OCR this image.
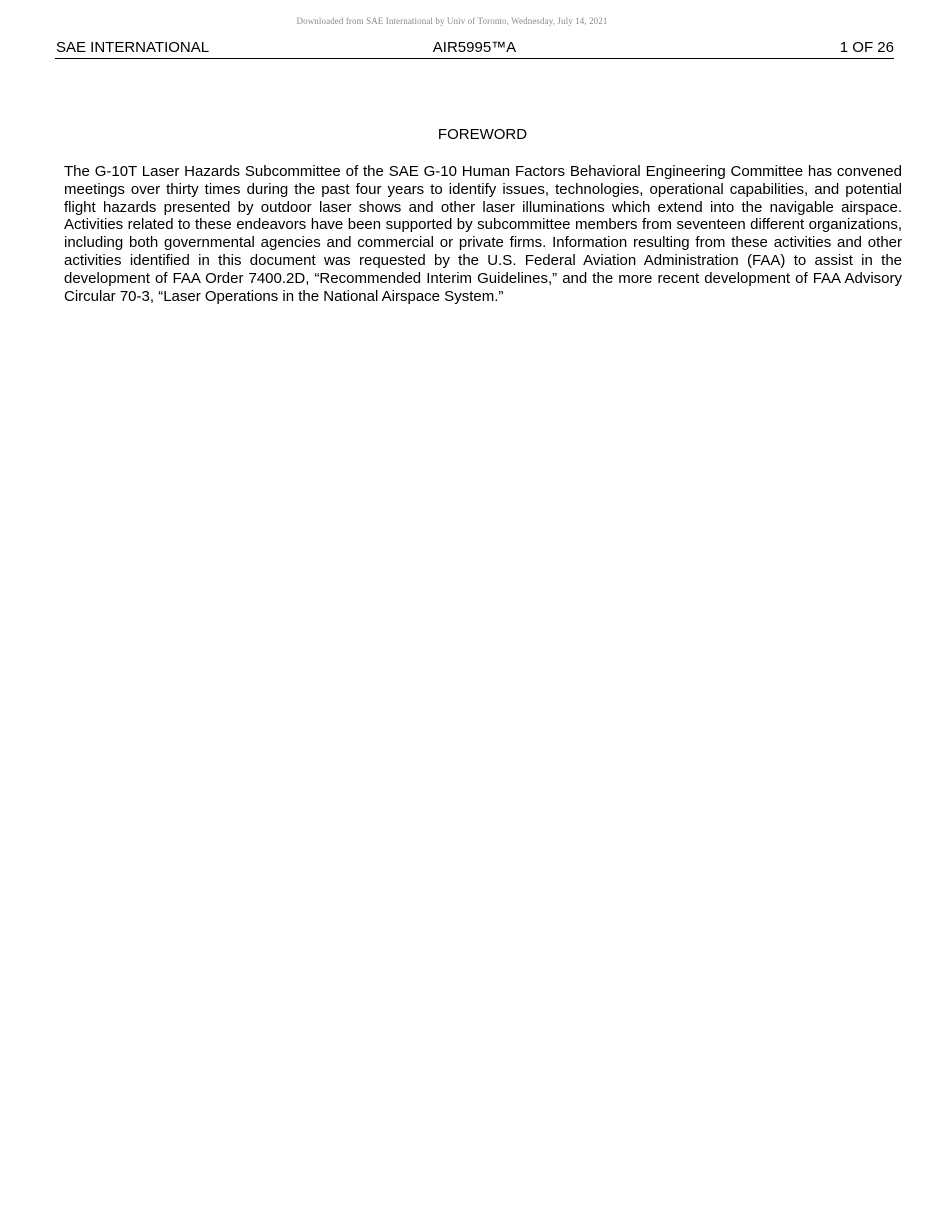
Downloaded from SAE International by Univ of Toronto, Wednesday, July 14, 2021
SAE INTERNATIONAL	AIR5995™A	1 OF 26
FOREWORD

The G-10T Laser Hazards Subcommittee of the SAE G-10 Human Factors Behavioral Engineering Committee has convened meetings over thirty times during the past four years to identify issues, technologies, operational capabilities, and potential flight hazards presented by outdoor laser shows and other laser illuminations which extend into the navigable airspace. Activities related to these endeavors have been supported by subcommittee members from seventeen different organizations, including both governmental agencies and commercial or private firms. Information resulting from these activities and other activities identified in this document was requested by the U.S. Federal Aviation Administration (FAA) to assist in the development of FAA Order 7400.2D, “Recommended Interim Guidelines,” and the more recent development of FAA Advisory Circular 70-3, “Laser Operations in the National Airspace System.”
